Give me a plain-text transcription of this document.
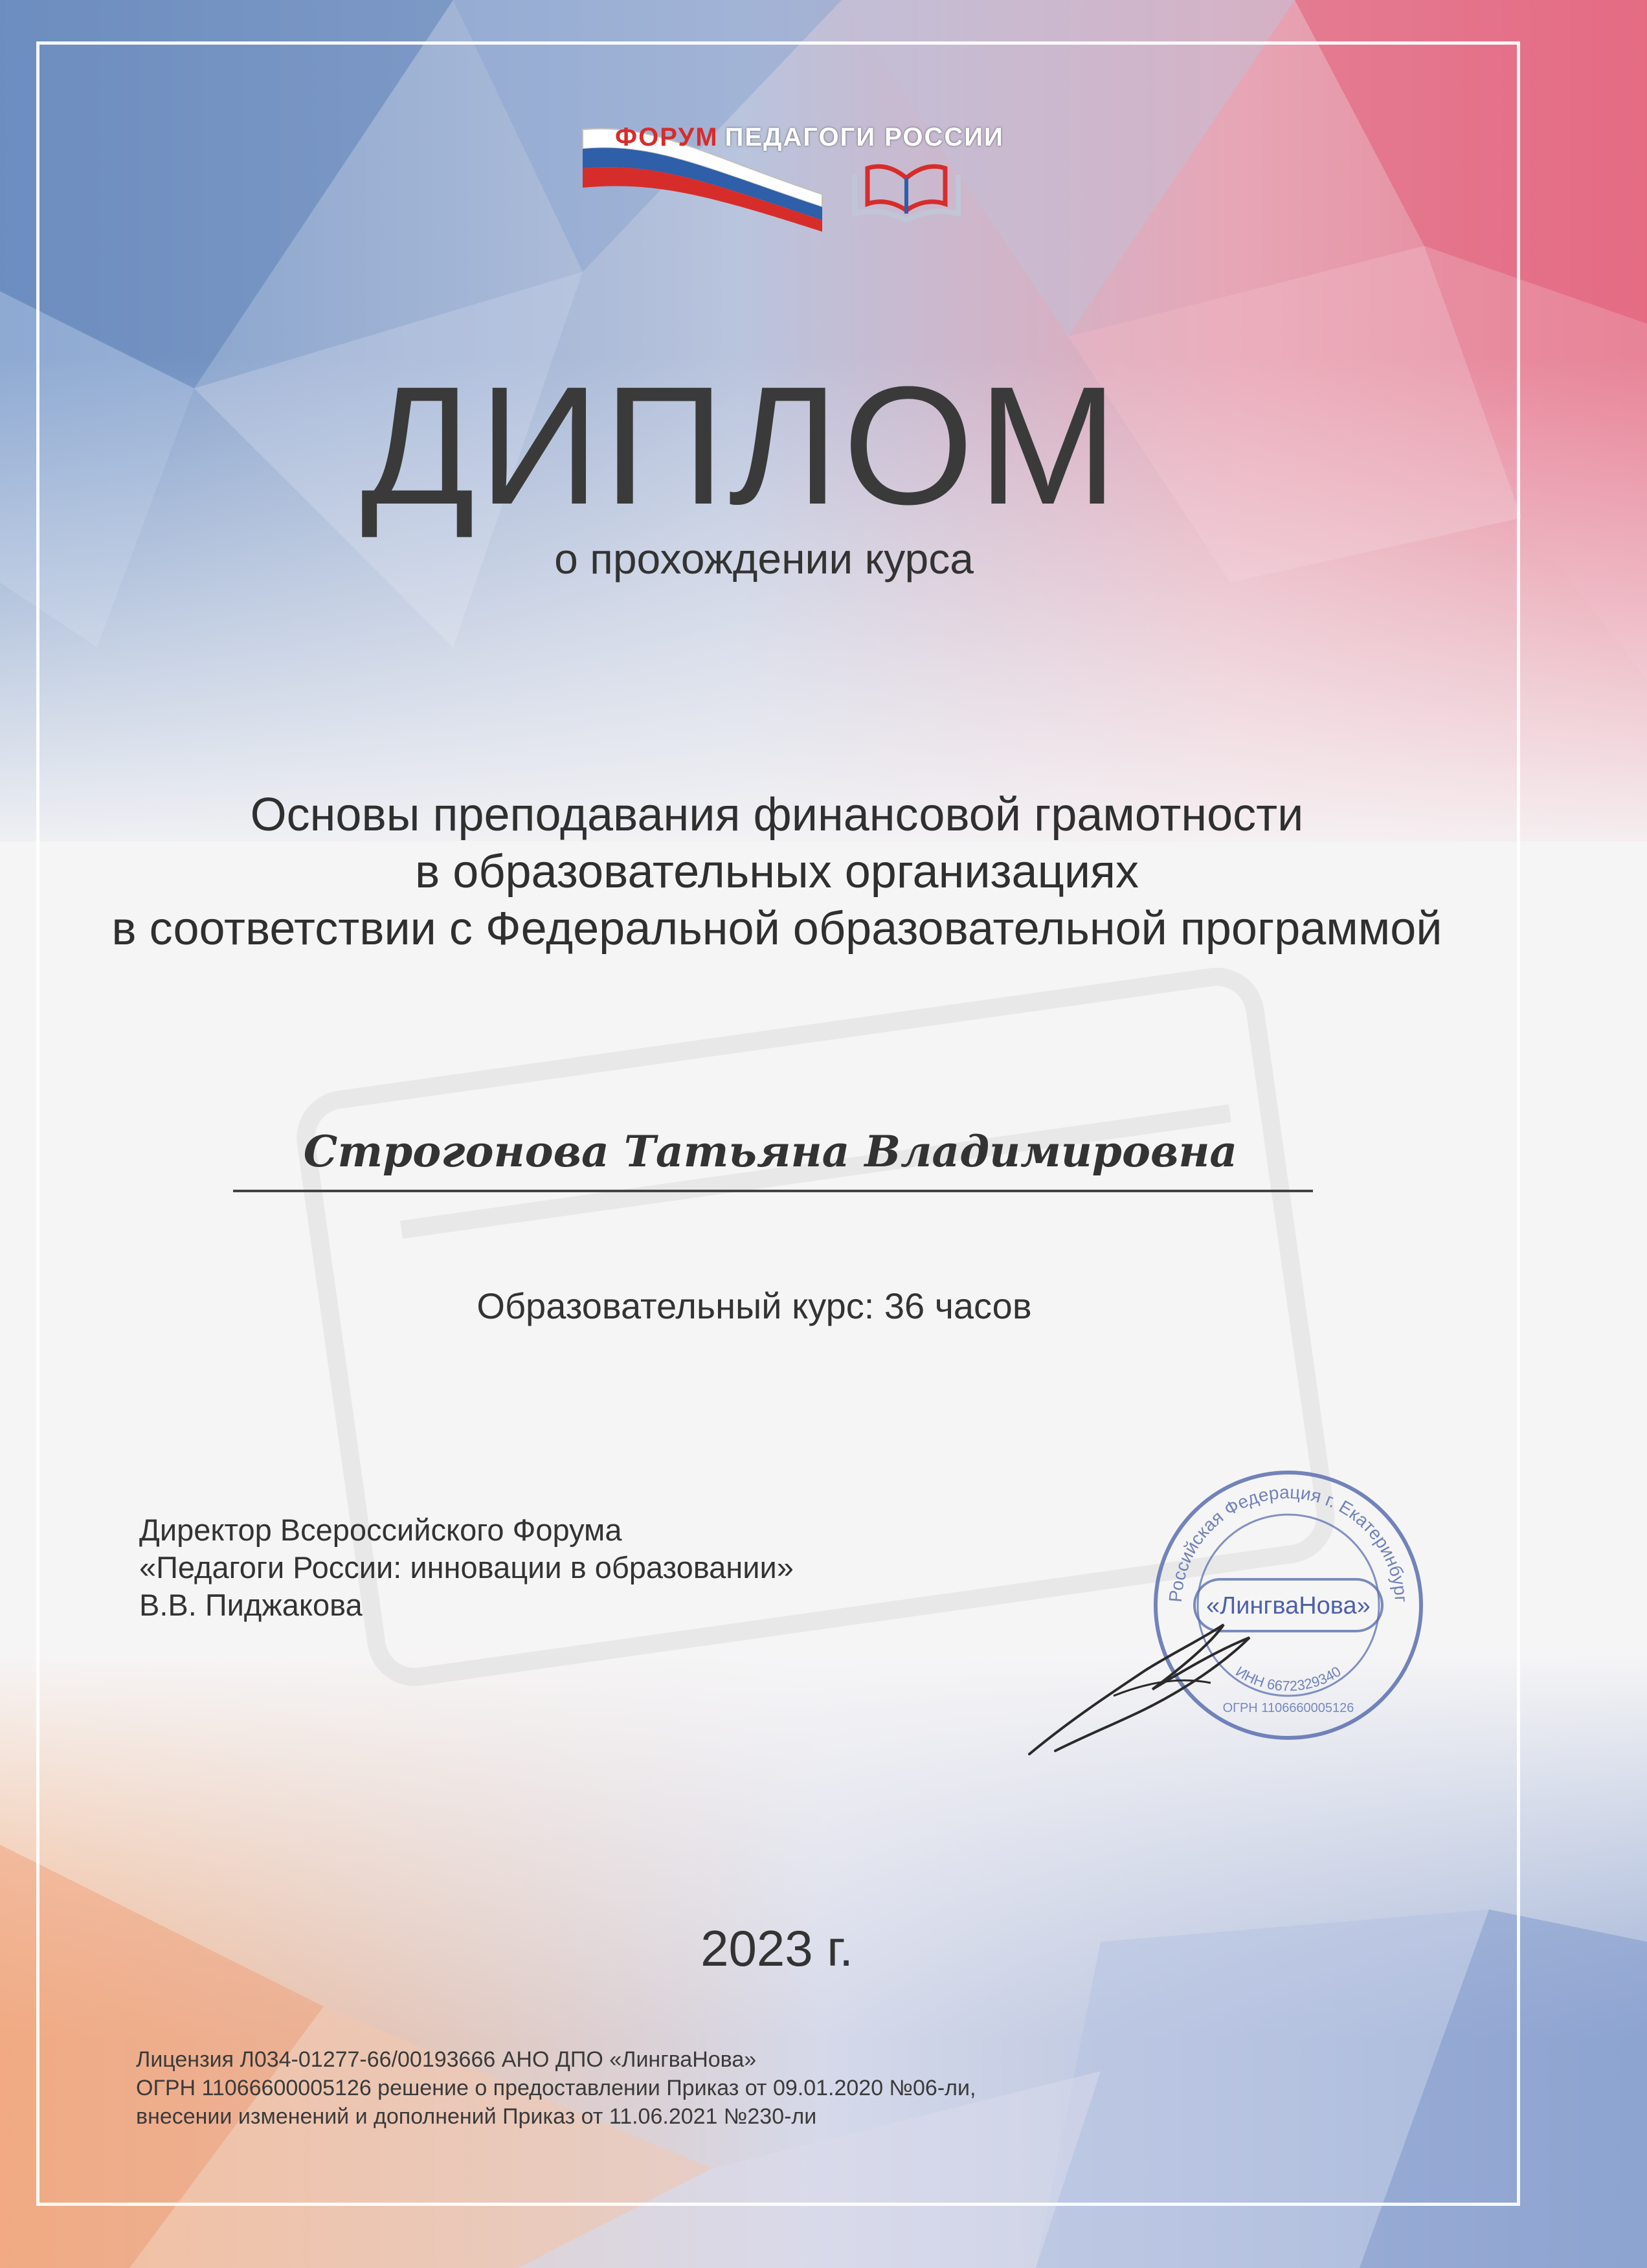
ФОРУМ ПЕДАГОГИ РОССИИ
ДИПЛОМ
о прохождении курса
Основы преподавания финансовой грамотности
в образовательных организациях
в соответствии с Федеральной образовательной программой
Строгонова Татьяна Владимировна
Образовательный курс: 36 часов
Директор Всероссийского Форума
«Педагоги России: инновации в образовании»
В.В. Пиджакова	Российская Федерация г. Екатеринбург
ИНН 6672329340
ОГРН 1106660005126
«ЛингваНова»
2023 г.
Лицензия Л034-01277-66/00193666 АНО ДПО «ЛингваНова»
ОГРН 11066600005126 решение о предоставлении Приказ от 09.01.2020 №06-ли,
внесении изменений и дополнений Приказ от 11.06.2021 №230-ли
